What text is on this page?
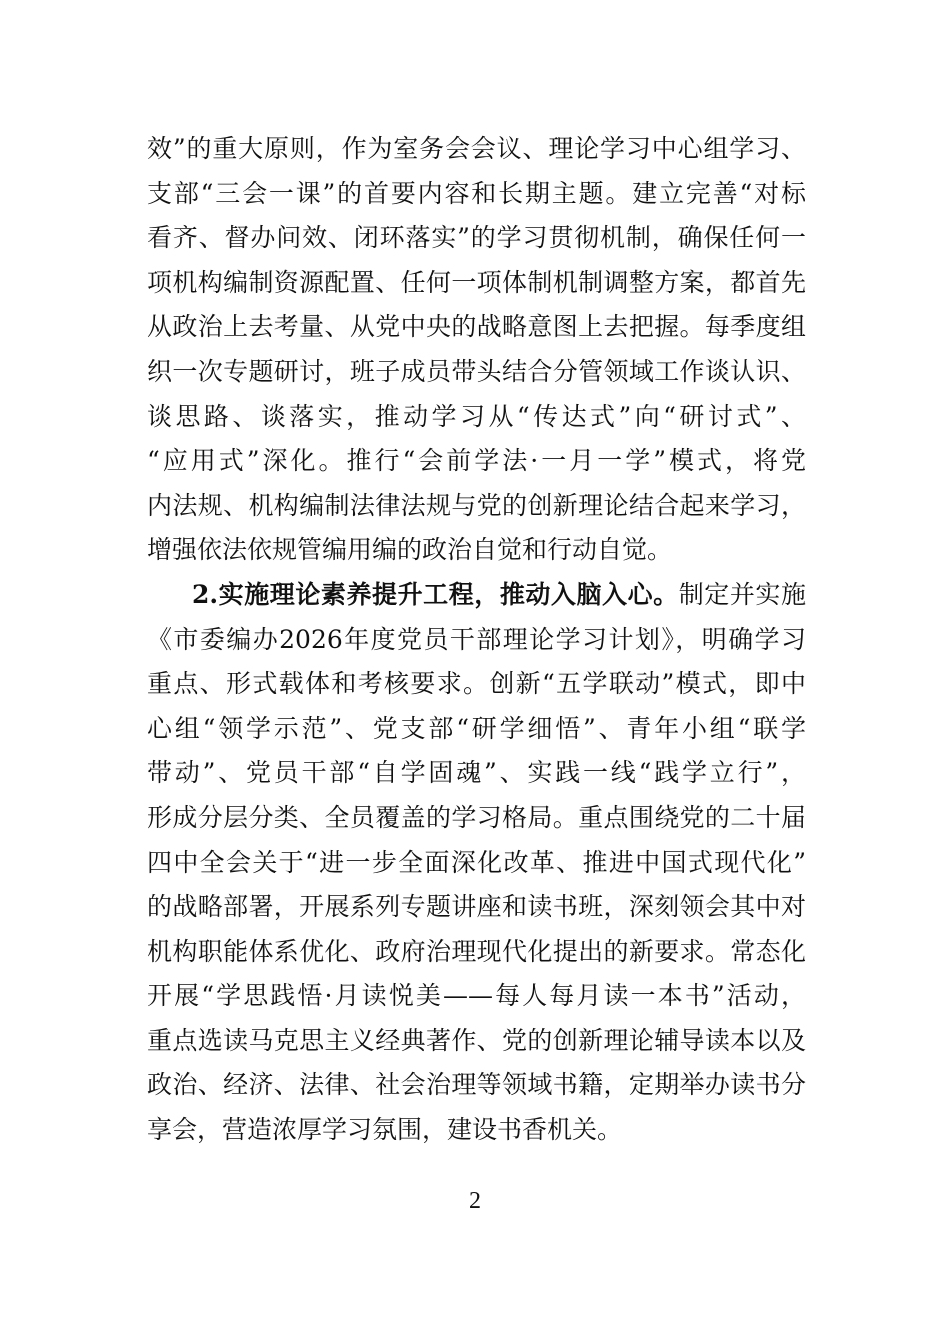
效”的重大原则，作为室务会会议、理论学习中心组学习、
支部“三会一课”的首要内容和长期主题。建立完善“对标
看齐、督办问效、闭环落实”的学习贯彻机制，确保任何一
项机构编制资源配置、任何一项体制机制调整方案，都首先
从政治上去考量、从党中央的战略意图上去把握。每季度组
织一次专题研讨，班子成员带头结合分管领域工作谈认识、
谈思路、谈落实，推动学习从“传达式”向“研讨式”、
“应用式”深化。推行“会前学法·一月一学”模式，将党
内法规、机构编制法律法规与党的创新理论结合起来学习，
增强依法依规管编用编的政治自觉和行动自觉。
2.实施理论素养提升工程，推动入脑入心。制定并实施
《市委编办2026年度党员干部理论学习计划》，明确学习
重点、形式载体和考核要求。创新“五学联动”模式，即中
心组“领学示范”、党支部“研学细悟”、青年小组“联学
带动”、党员干部“自学固魂”、实践一线“践学立行”，
形成分层分类、全员覆盖的学习格局。重点围绕党的二十届
四中全会关于“进一步全面深化改革、推进中国式现代化”
的战略部署，开展系列专题讲座和读书班，深刻领会其中对
机构职能体系优化、政府治理现代化提出的新要求。常态化
开展“学思践悟·月读悦美——每人每月读一本书”活动，
重点选读马克思主义经典著作、党的创新理论辅导读本以及
政治、经济、法律、社会治理等领域书籍，定期举办读书分
享会，营造浓厚学习氛围，建设书香机关。
2
